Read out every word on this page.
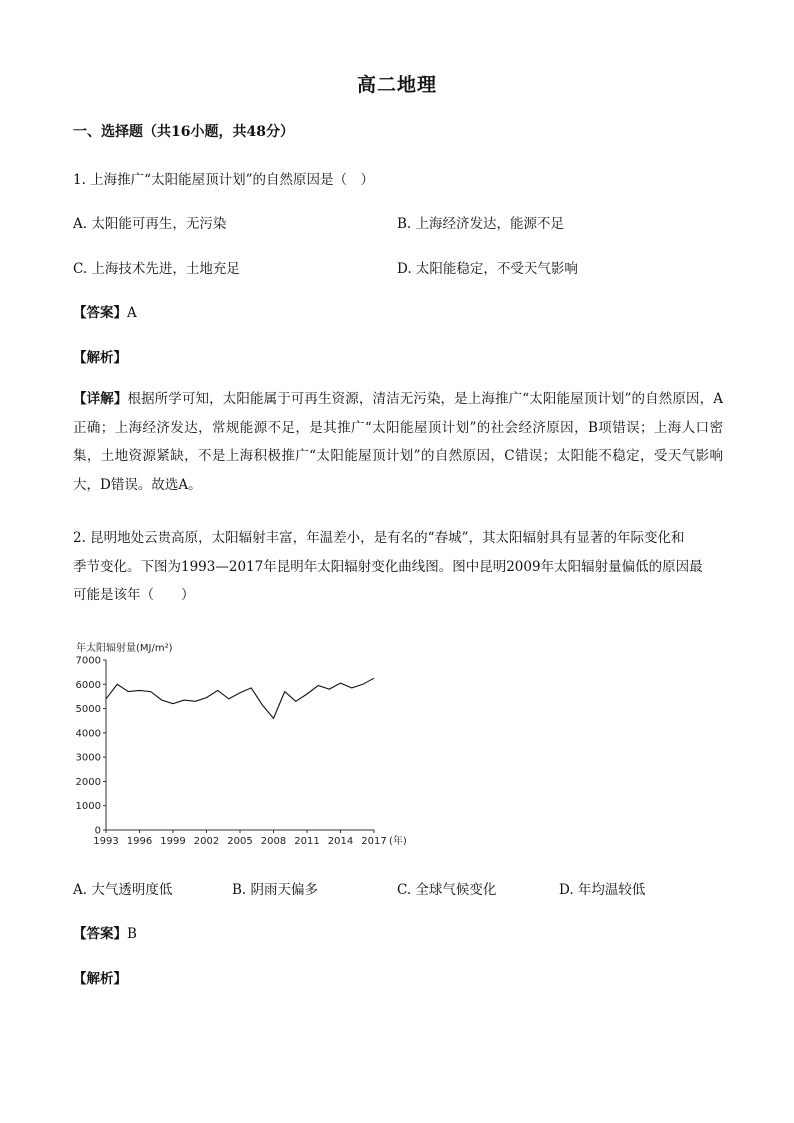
高二地理
一、选择题（共16小题，共48分）
1. 上海推广“太阳能屋顶计划”的自然原因是（　）
A. 太阳能可再生，无污染	B. 上海经济发达，能源不足
C. 上海技术先进，土地充足	D. 太阳能稳定，不受天气影响
【答案】A
【解析】
【详解】根据所学可知，太阳能属于可再生资源，清洁无污染，是上海推广“太阳能屋顶计划”的自然原因，A正确；上海经济发达，常规能源不足，是其推广“太阳能屋顶计划”的社会经济原因，B项错误；上海人口密集，土地资源紧缺，不是上海积极推广“太阳能屋顶计划”的自然原因，C错误；太阳能不稳定，受天气影响大，D错误。故选A。
2. 昆明地处云贵高原，太阳辐射丰富，年温差小，是有名的“春城”，其太阳辐射具有显著的年际变化和
季节变化。下图为1993—2017年昆明年太阳辐射变化曲线图。图中昆明2009年太阳辐射量偏低的原因最
可能是该年（　　）
年太阳辐射量(MJ/m²)
0
1000
2000
3000
4000
5000
6000
7000
1993 1996 1999 2002 2005 2008 2011 2014 2017 (年)
A. 大气透明度低	B. 阴雨天偏多	C. 全球气候变化	D. 年均温较低
【答案】B
【解析】
